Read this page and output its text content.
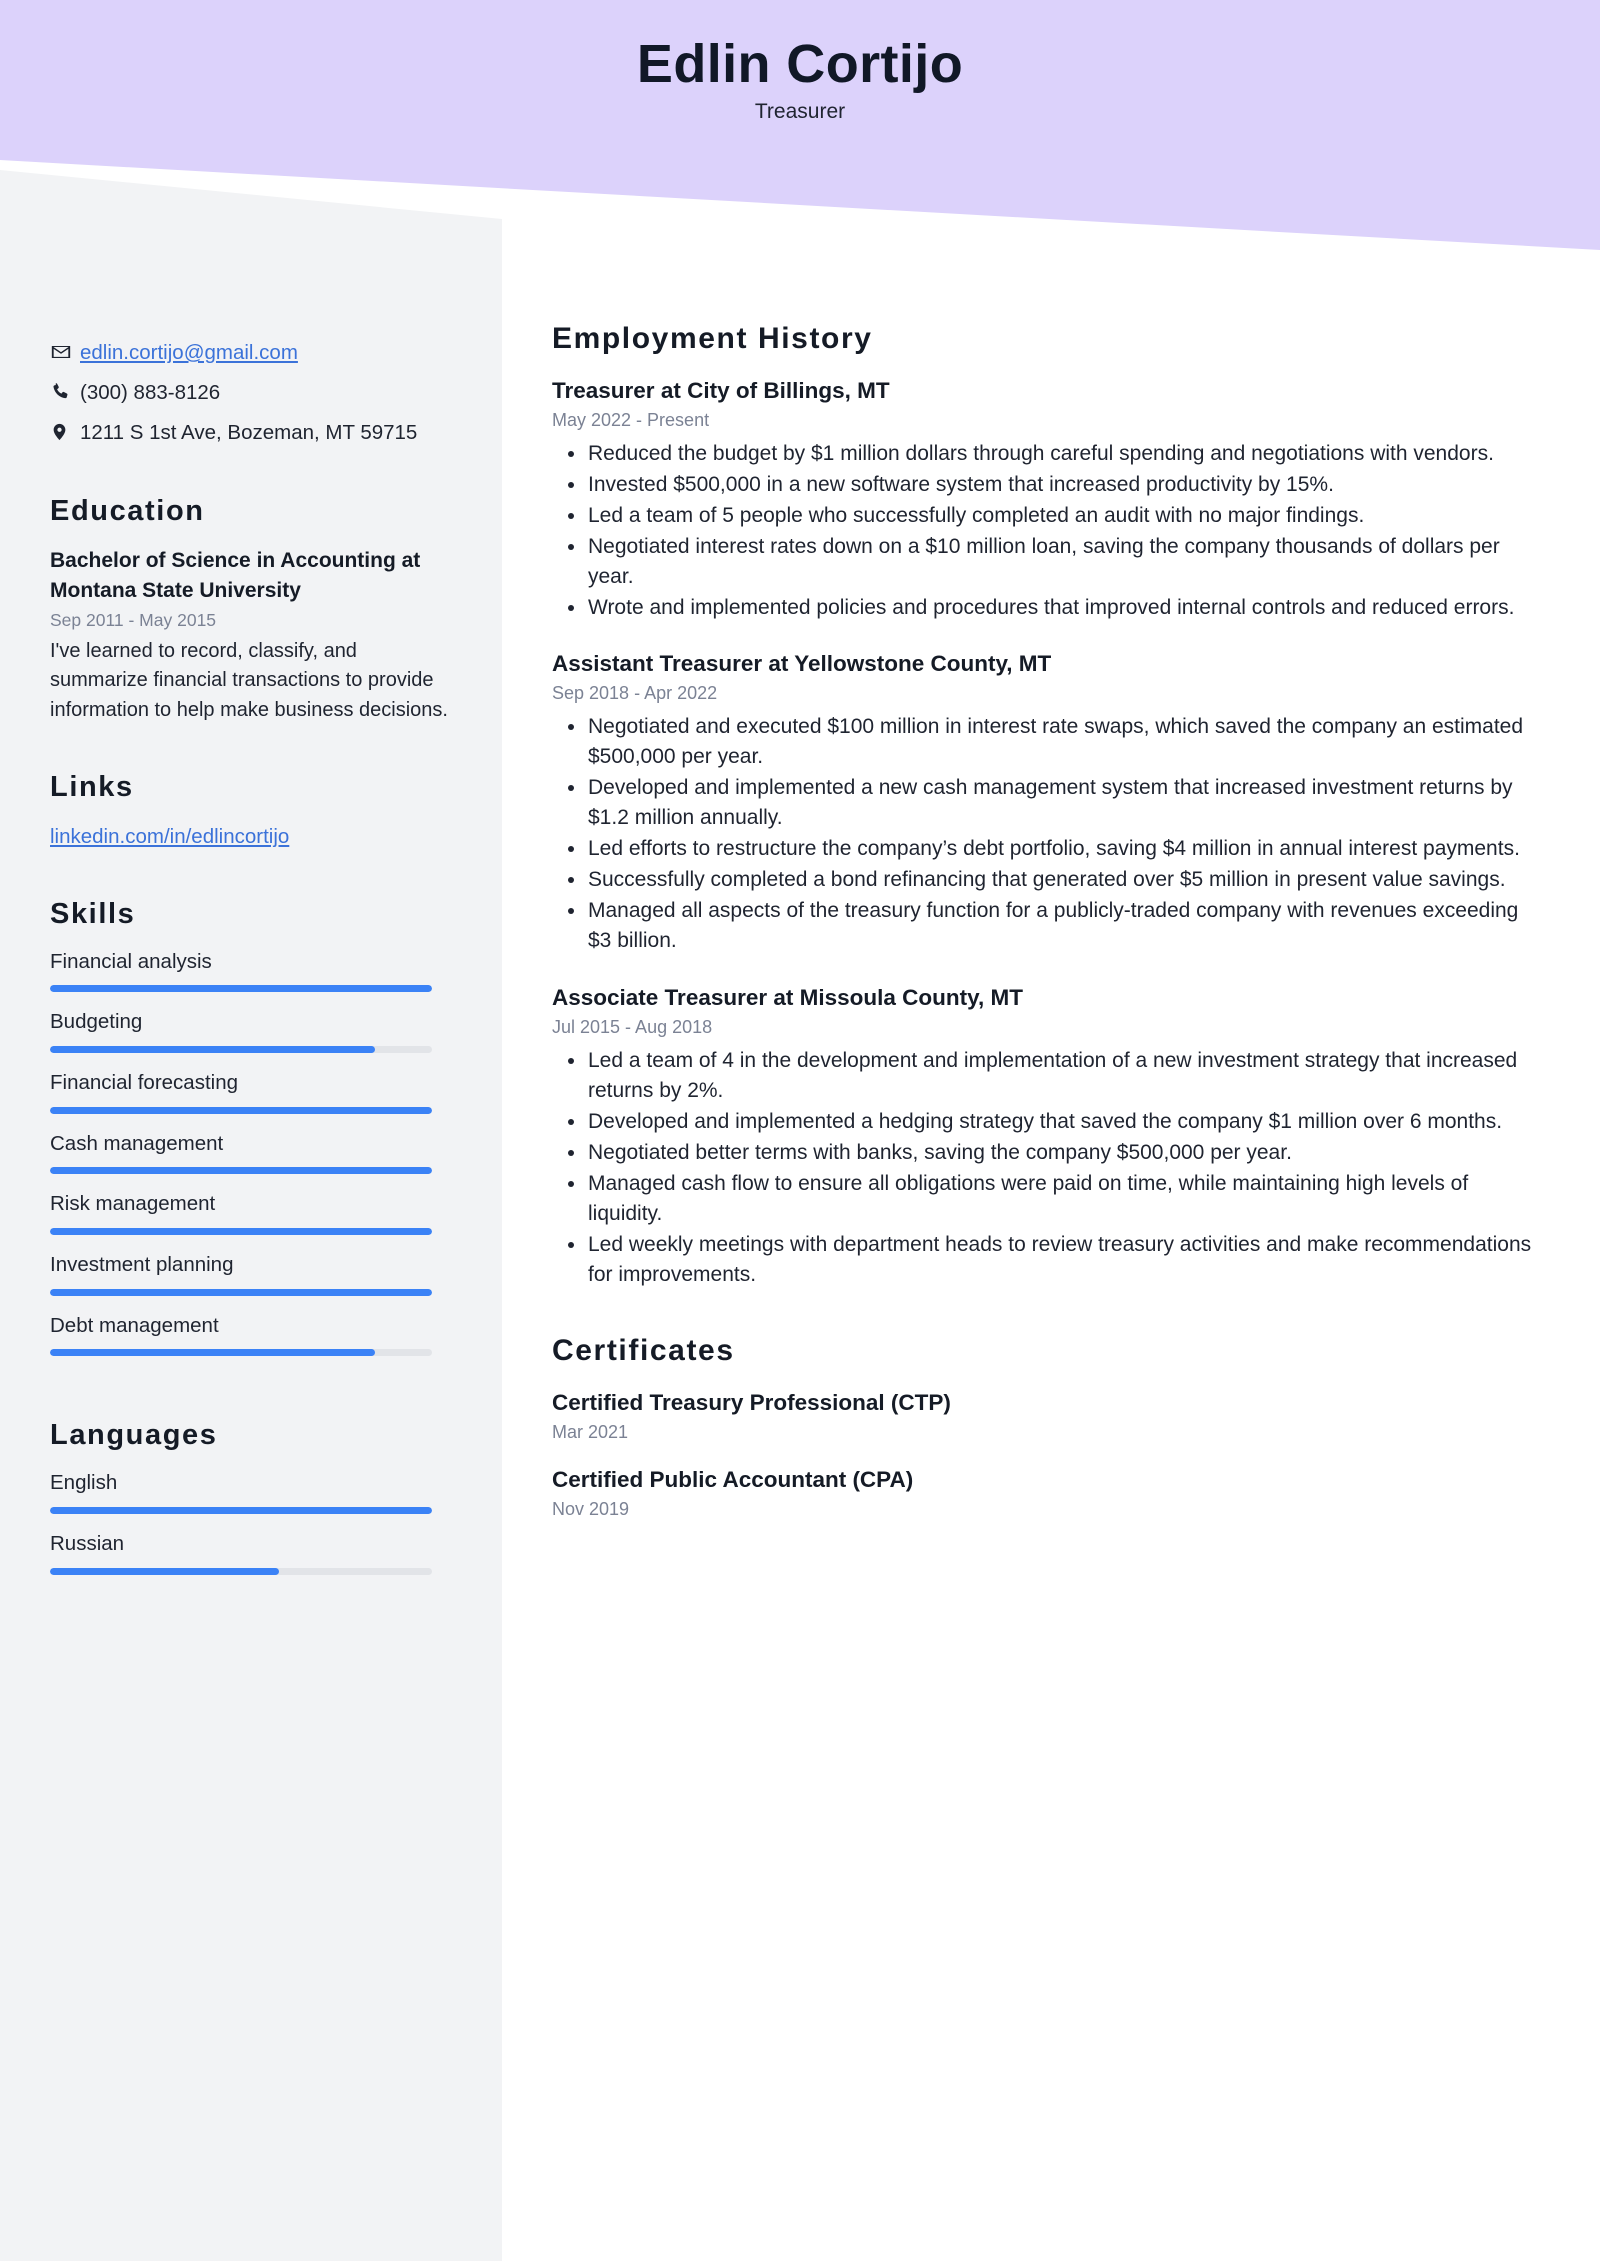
Edlin Cortijo
Treasurer
edlin.cortijo@gmail.com
(300) 883-8126
1211 S 1st Ave, Bozeman, MT 59715
Education
Bachelor of Science in Accounting at Montana State University
Sep 2011 - May 2015
I've learned to record, classify, and summarize financial transactions to provide information to help make business decisions.
Links
linkedin.com/in/edlincortijo
Skills
Financial analysis
Budgeting
Financial forecasting
Cash management
Risk management
Investment planning
Debt management
Languages
English
Russian
Employment History
Treasurer at City of Billings, MT
May 2022 - Present
Reduced the budget by $1 million dollars through careful spending and negotiations with vendors.
Invested $500,000 in a new software system that increased productivity by 15%.
Led a team of 5 people who successfully completed an audit with no major findings.
Negotiated interest rates down on a $10 million loan, saving the company thousands of dollars per year.
Wrote and implemented policies and procedures that improved internal controls and reduced errors.
Assistant Treasurer at Yellowstone County, MT
Sep 2018 - Apr 2022
Negotiated and executed $100 million in interest rate swaps, which saved the company an estimated $500,000 per year.
Developed and implemented a new cash management system that increased investment returns by $1.2 million annually.
Led efforts to restructure the company’s debt portfolio, saving $4 million in annual interest payments.
Successfully completed a bond refinancing that generated over $5 million in present value savings.
Managed all aspects of the treasury function for a publicly-traded company with revenues exceeding $3 billion.
Associate Treasurer at Missoula County, MT
Jul 2015 - Aug 2018
Led a team of 4 in the development and implementation of a new investment strategy that increased returns by 2%.
Developed and implemented a hedging strategy that saved the company $1 million over 6 months.
Negotiated better terms with banks, saving the company $500,000 per year.
Managed cash flow to ensure all obligations were paid on time, while maintaining high levels of liquidity.
Led weekly meetings with department heads to review treasury activities and make recommendations for improvements.
Certificates
Certified Treasury Professional (CTP)
Mar 2021
Certified Public Accountant (CPA)
Nov 2019
